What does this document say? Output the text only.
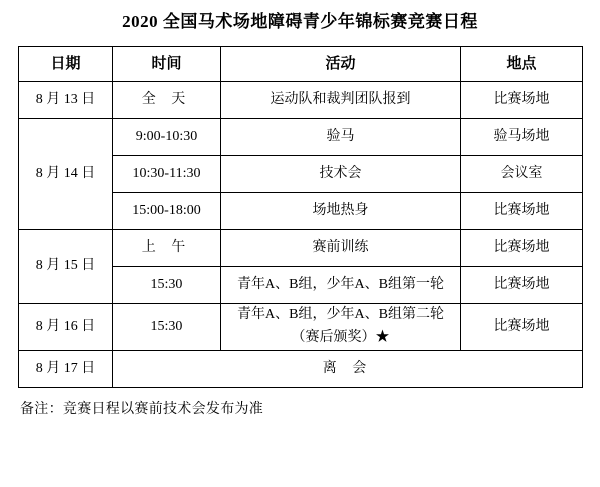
2020 全国马术场地障碍青少年锦标赛竞赛日程
日期	时间	活动	地点
8 月 13 日	全 天	运动队和裁判团队报到	比赛场地
8 月 14 日	9:00-10:30	验马	验马场地
	10:30-11:30	技术会	会议室
	15:00-18:00	场地热身	比赛场地
8 月 15 日	上 午	赛前训练	比赛场地
	15:30	青年A、B组，少年A、B组第一轮	比赛场地
8 月 16 日	15:30	青年A、B组，少年A、B组第二轮
（赛后颁奖）★	比赛场地
8 月 17 日	离 会		
备注：竞赛日程以赛前技术会发布为准
